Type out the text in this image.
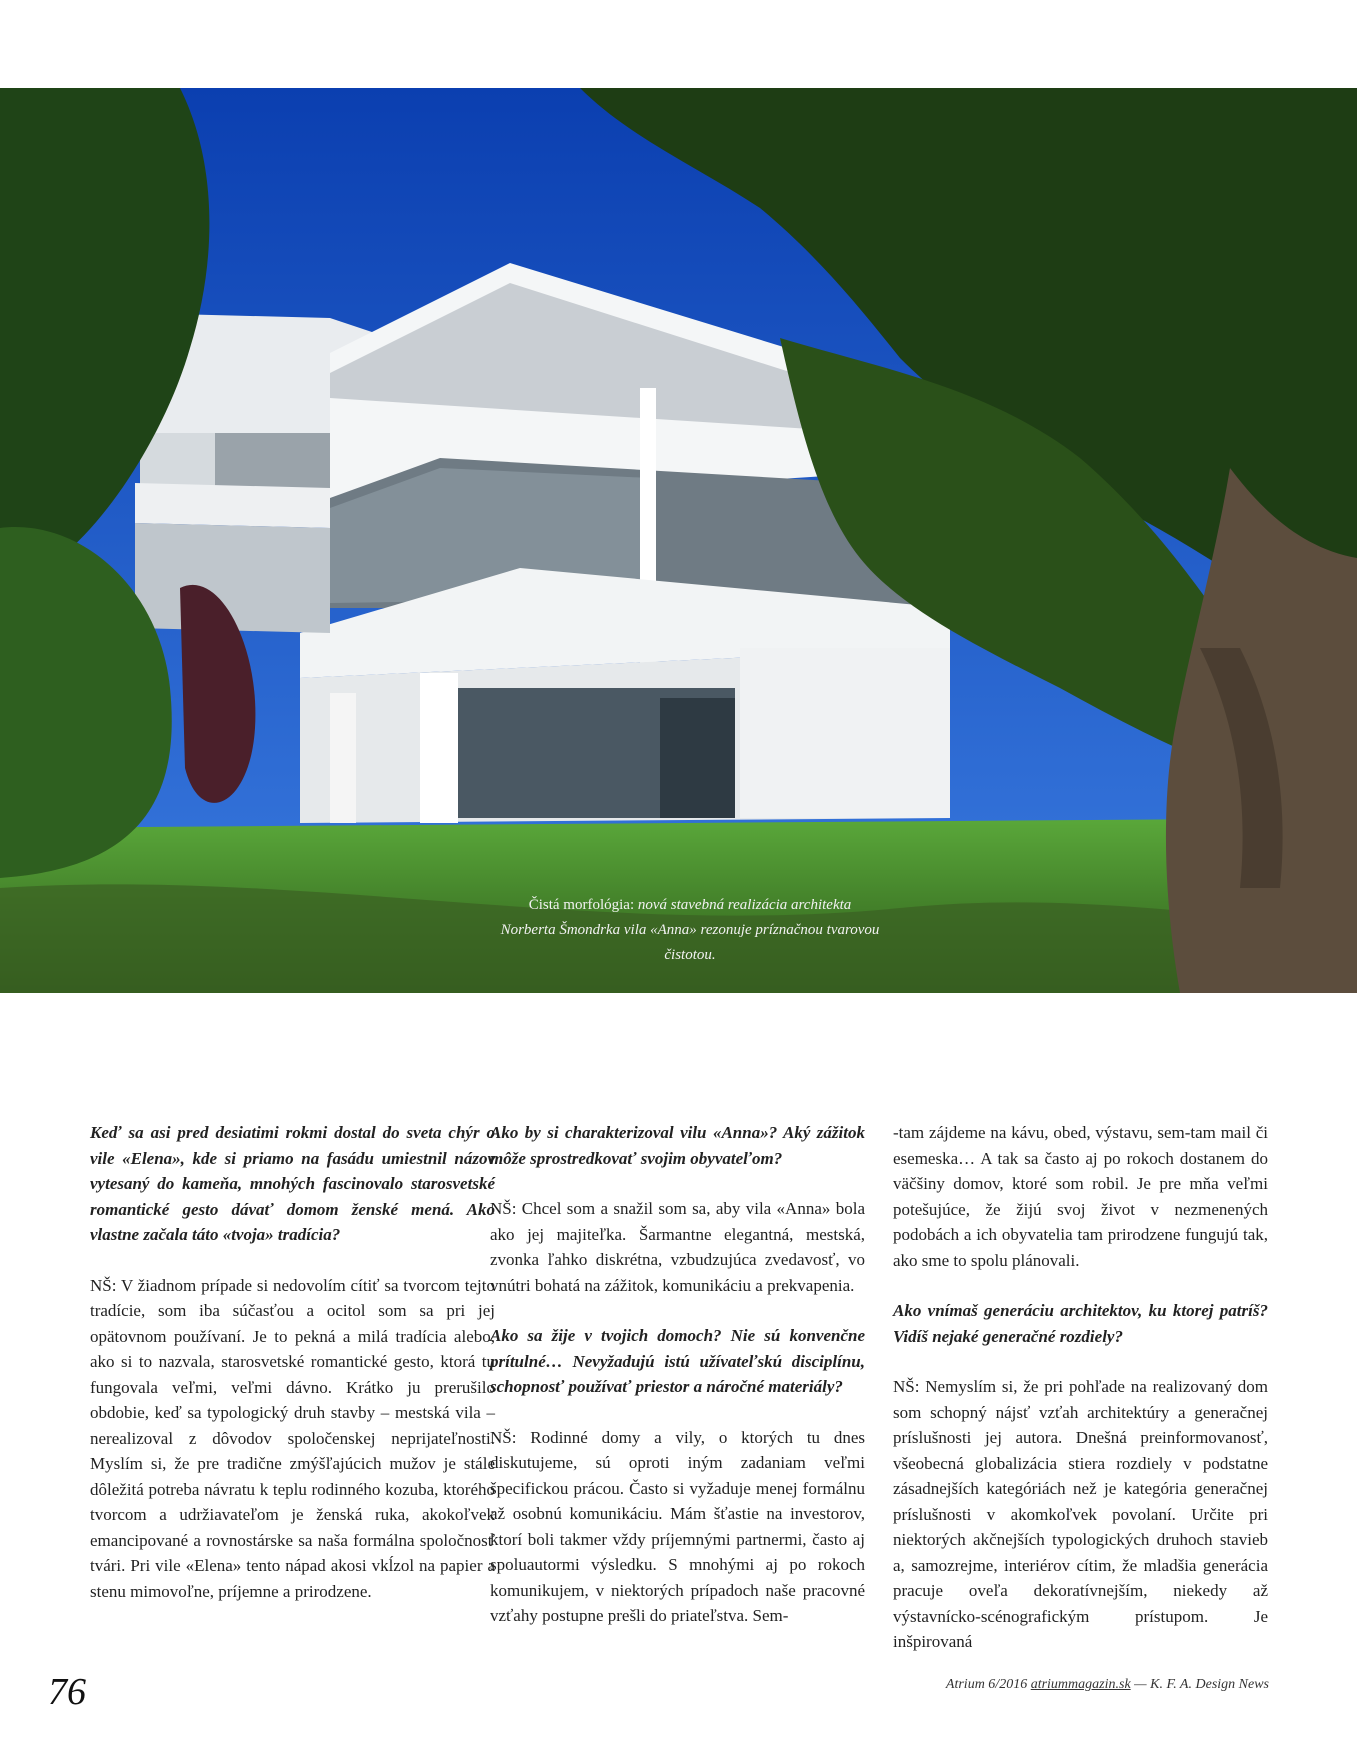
Čistá morfológia: nová stavebná realizácia architekta Norberta Šmondrka vila «Anna» rezonuje príznačnou tvarovou čistotou.

Keď sa asi pred desiatimi rokmi dostal do sveta chýr o vile «Elena», kde si priamo na fasádu umiestnil názov vytesaný do kameňa, mnohých fascinovalo starosvetské romantické gesto dávať domom ženské mená. Ako vlastne začala táto «tvoja» tradícia?

NŠ: V žiadnom prípade si nedovolím cítiť sa tvorcom tejto tradície, som iba súčasťou a ocitol som sa pri jej opätovnom používaní. Je to pekná a milá tradícia alebo, ako si to nazvala, starosvetské romantické gesto, ktorá tu fungovala veľmi, veľmi dávno. Krátko ju prerušilo obdobie, keď sa typologický druh stavby – mestská vila – nerealizoval z dôvodov spoločenskej neprijateľnosti. Myslím si, že pre tradične zmýšľajúcich mužov je stále dôležitá potreba návratu k teplu rodinného kozuba, ktorého tvorcom a udržiavateľom je ženská ruka, akokoľvek emancipované a rovnostárske sa naša formálna spoločnosť tvári. Pri vile «Elena» tento nápad akosi vkĺzol na papier a stenu mimovoľne, príjemne a prirodzene.

Ako by si charakterizoval vilu «Anna»? Aký zážitok môže sprostredkovať svojim obyvateľom?

NŠ: Chcel som a snažil som sa, aby vila «Anna» bola ako jej majiteľka. Šarmantne elegantná, mestská, zvonka ľahko diskrétna, vzbudzujúca zvedavosť, vo vnútri bohatá na zážitok, komunikáciu a prekvapenia.

Ako sa žije v tvojich domoch? Nie sú konvenčne prítulné… Nevyžadujú istú užívateľskú disciplínu, schopnosť používať priestor a náročné materiály?

NŠ: Rodinné domy a vily, o ktorých tu dnes diskutujeme, sú oproti iným zadaniam veľmi špecifickou prácou. Často si vyžaduje menej formálnu až osobnú komunikáciu. Mám šťastie na investorov, ktorí boli takmer vždy príjemnými partnermi, často aj spoluautormi výsledku. S mnohými aj po rokoch komunikujem, v niektorých prípadoch naše pracovné vzťahy postupne prešli do priateľstva. Sem-

-tam zájdeme na kávu, obed, výstavu, sem-tam mail či esemeska… A tak sa často aj po rokoch dostanem do väčšiny domov, ktoré som robil. Je pre mňa veľmi potešujúce, že žijú svoj život v nezmenených podobách a ich obyvatelia tam prirodzene fungujú tak, ako sme to spolu plánovali.

Ako vnímaš generáciu architektov, ku ktorej patríš? Vidíš nejaké generačné rozdiely?

NŠ: Nemyslím si, že pri pohľade na realizovaný dom som schopný nájsť vzťah architektúry a generačnej príslušnosti jej autora. Dnešná preinformovanosť, všeobecná globalizácia stiera rozdiely v podstatne zásadnejších kategóriách než je kategória generačnej príslušnosti v akomkoľvek povolaní. Určite pri niektorých akčnejších typologických druhoch stavieb a, samozrejme, interiérov cítim, že mladšia generácia pracuje oveľa dekoratívnejším, niekedy až výstavnícko-scénografickým prístupom. Je inšpirovaná

76	Atrium 6/2016 atriummagazin.sk — K. F. A. Design News
